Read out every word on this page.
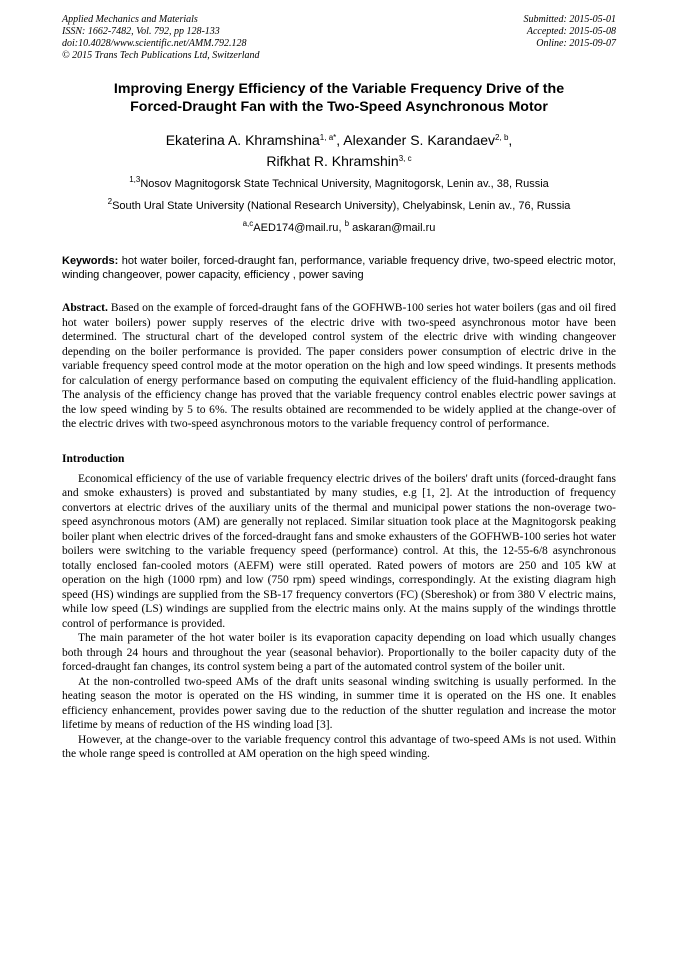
Applied Mechanics and Materials
ISSN: 1662-7482, Vol. 792, pp 128-133
doi:10.4028/www.scientific.net/AMM.792.128
© 2015 Trans Tech Publications Ltd, Switzerland
Submitted: 2015-05-01
Accepted: 2015-05-08
Online: 2015-09-07
Improving Energy Efficiency of the Variable Frequency Drive of the
Forced-Draught Fan with the Two-Speed Asynchronous Motor
Ekaterina A. Khramshina$^{1, a*}$, Alexander S. Karandaev$^{2, b}$,
Rifkhat R. Khramshin$^{3, c}$
$^{1,3}$Nosov Magnitogorsk State Technical University, Magnitogorsk, Lenin av., 38, Russia
$^2$South Ural State University (National Research University), Chelyabinsk, Lenin av., 76, Russia
$^{a,c}$AED174@mail.ru, $^b$ askaran@mail.ru
Keywords: hot water boiler, forced-draught fan, performance, variable frequency drive, two-speed electric motor, winding changeover, power capacity, efficiency , power saving
Abstract. Based on the example of forced-draught fans of the GOFHWB-100 series hot water boilers (gas and oil fired hot water boilers) power supply reserves of the electric drive with two-speed asynchronous motor have been determined. The structural chart of the developed control system of the electric drive with winding changeover depending on the boiler performance is provided. The paper considers power consumption of electric drive in the variable frequency speed control mode at the motor operation on the high and low speed windings. It presents methods for calculation of energy performance based on computing the equivalent efficiency of the fluid-handling application. The analysis of the efficiency change has proved that the variable frequency control enables electric power savings at the low speed winding by 5 to 6%. The results obtained are recommended to be widely applied at the change-over of the electric drives with two-speed asynchronous motors to the variable frequency control of performance.
Introduction

Economical efficiency of the use of variable frequency electric drives of the boilers' draft units (forced-draught fans and smoke exhausters) is proved and substantiated by many studies, e.g [1, 2]. At the introduction of frequency convertors at electric drives of the auxiliary units of the thermal and municipal power stations the non-overage two-speed asynchronous motors (AM) are generally not replaced. Similar situation took place at the Magnitogorsk peaking boiler plant when electric drives of the forced-draught fans and smoke exhausters of the GOFHWB-100 series hot water boilers were switching to the variable frequency speed (performance) control. At this, the 12-55-6/8 asynchronous totally enclosed fan-cooled motors (AEFM) were still operated. Rated powers of motors are 250 and 105 kW at operation on the high (1000 rpm) and low (750 rpm) speed windings, correspondingly. At the existing diagram high speed (HS) windings are supplied from the SB-17 frequency convertors (FC) (Sbereshok) or from 380 V electric mains, while low speed (LS) windings are supplied from the electric mains only. At the mains supply of the windings throttle control of performance is provided.

The main parameter of the hot water boiler is its evaporation capacity depending on load which usually changes both through 24 hours and throughout the year (seasonal behavior). Proportionally to the boiler capacity duty of the forced-draught fan changes, its control system being a part of the automated control system of the boiler unit.

At the non-controlled two-speed AMs of the draft units seasonal winding switching is usually performed. In the heating season the motor is operated on the HS winding, in summer time it is operated on the HS one. It enables efficiency enhancement, provides power saving due to the reduction of the shutter regulation and increase the motor lifetime by means of reduction of the HS winding load [3].

However, at the change-over to the variable frequency control this advantage of two-speed AMs is not used. Within the whole range speed is controlled at AM operation on the high speed winding.
